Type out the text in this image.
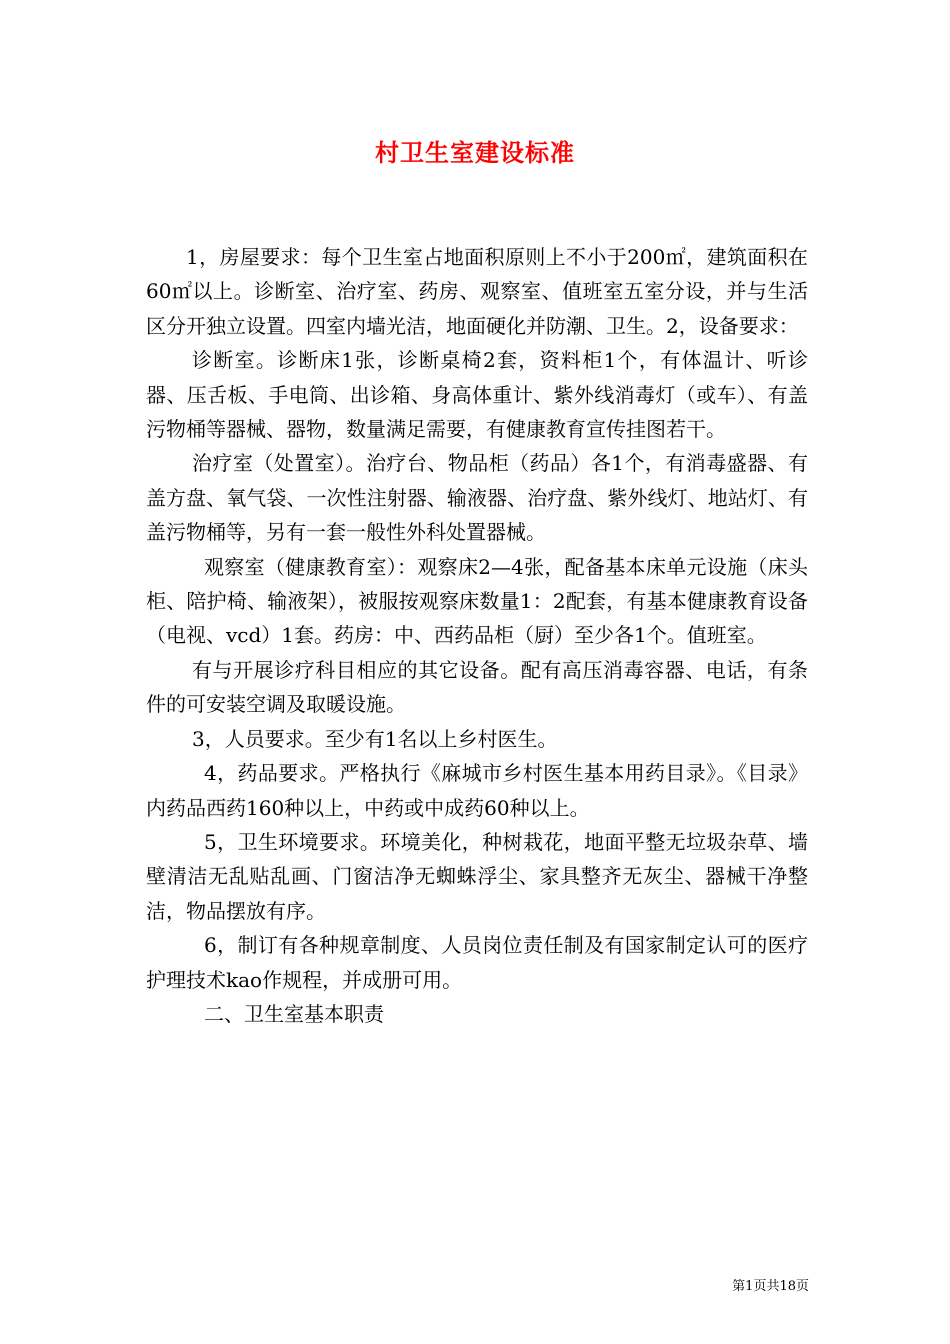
村卫生室建设标准

1，房屋要求：每个卫生室占地面积原则上不小于200㎡，建筑面积在60㎡以上。诊断室、治疗室、药房、观察室、值班室五室分设，并与生活区分开独立设置。四室内墙光洁，地面硬化并防潮、卫生。2，设备要求：

诊断室。诊断床1张，诊断桌椅2套，资料柜1个，有体温计、听诊器、压舌板、手电筒、出诊箱、身高体重计、紫外线消毒灯（或车）、有盖污物桶等器械、器物，数量满足需要，有健康教育宣传挂图若干。

治疗室（处置室）。治疗台、物品柜（药品）各1个，有消毒盛器、有盖方盘、氧气袋、一次性注射器、输液器、治疗盘、紫外线灯、地站灯、有盖污物桶等，另有一套一般性外科处置器械。

观察室（健康教育室）：观察床2—4张，配备基本床单元设施（床头柜、陪护椅、输液架），被服按观察床数量1：2配套，有基本健康教育设备（电视、vcd）1套。药房：中、西药品柜（厨）至少各1个。值班室。

有与开展诊疗科目相应的其它设备。配有高压消毒容器、电话，有条件的可安装空调及取暖设施。

3，人员要求。至少有1名以上乡村医生。

4，药品要求。严格执行《麻城市乡村医生基本用药目录》。《目录》内药品西药160种以上，中药或中成药60种以上。

5，卫生环境要求。环境美化，种树栽花，地面平整无垃圾杂草、墙壁清洁无乱贴乱画、门窗洁净无蜘蛛浮尘、家具整齐无灰尘、器械干净整洁，物品摆放有序。

6，制订有各种规章制度、人员岗位责任制及有国家制定认可的医疗护理技术kao作规程，并成册可用。

二、卫生室基本职责

第1页共18页
